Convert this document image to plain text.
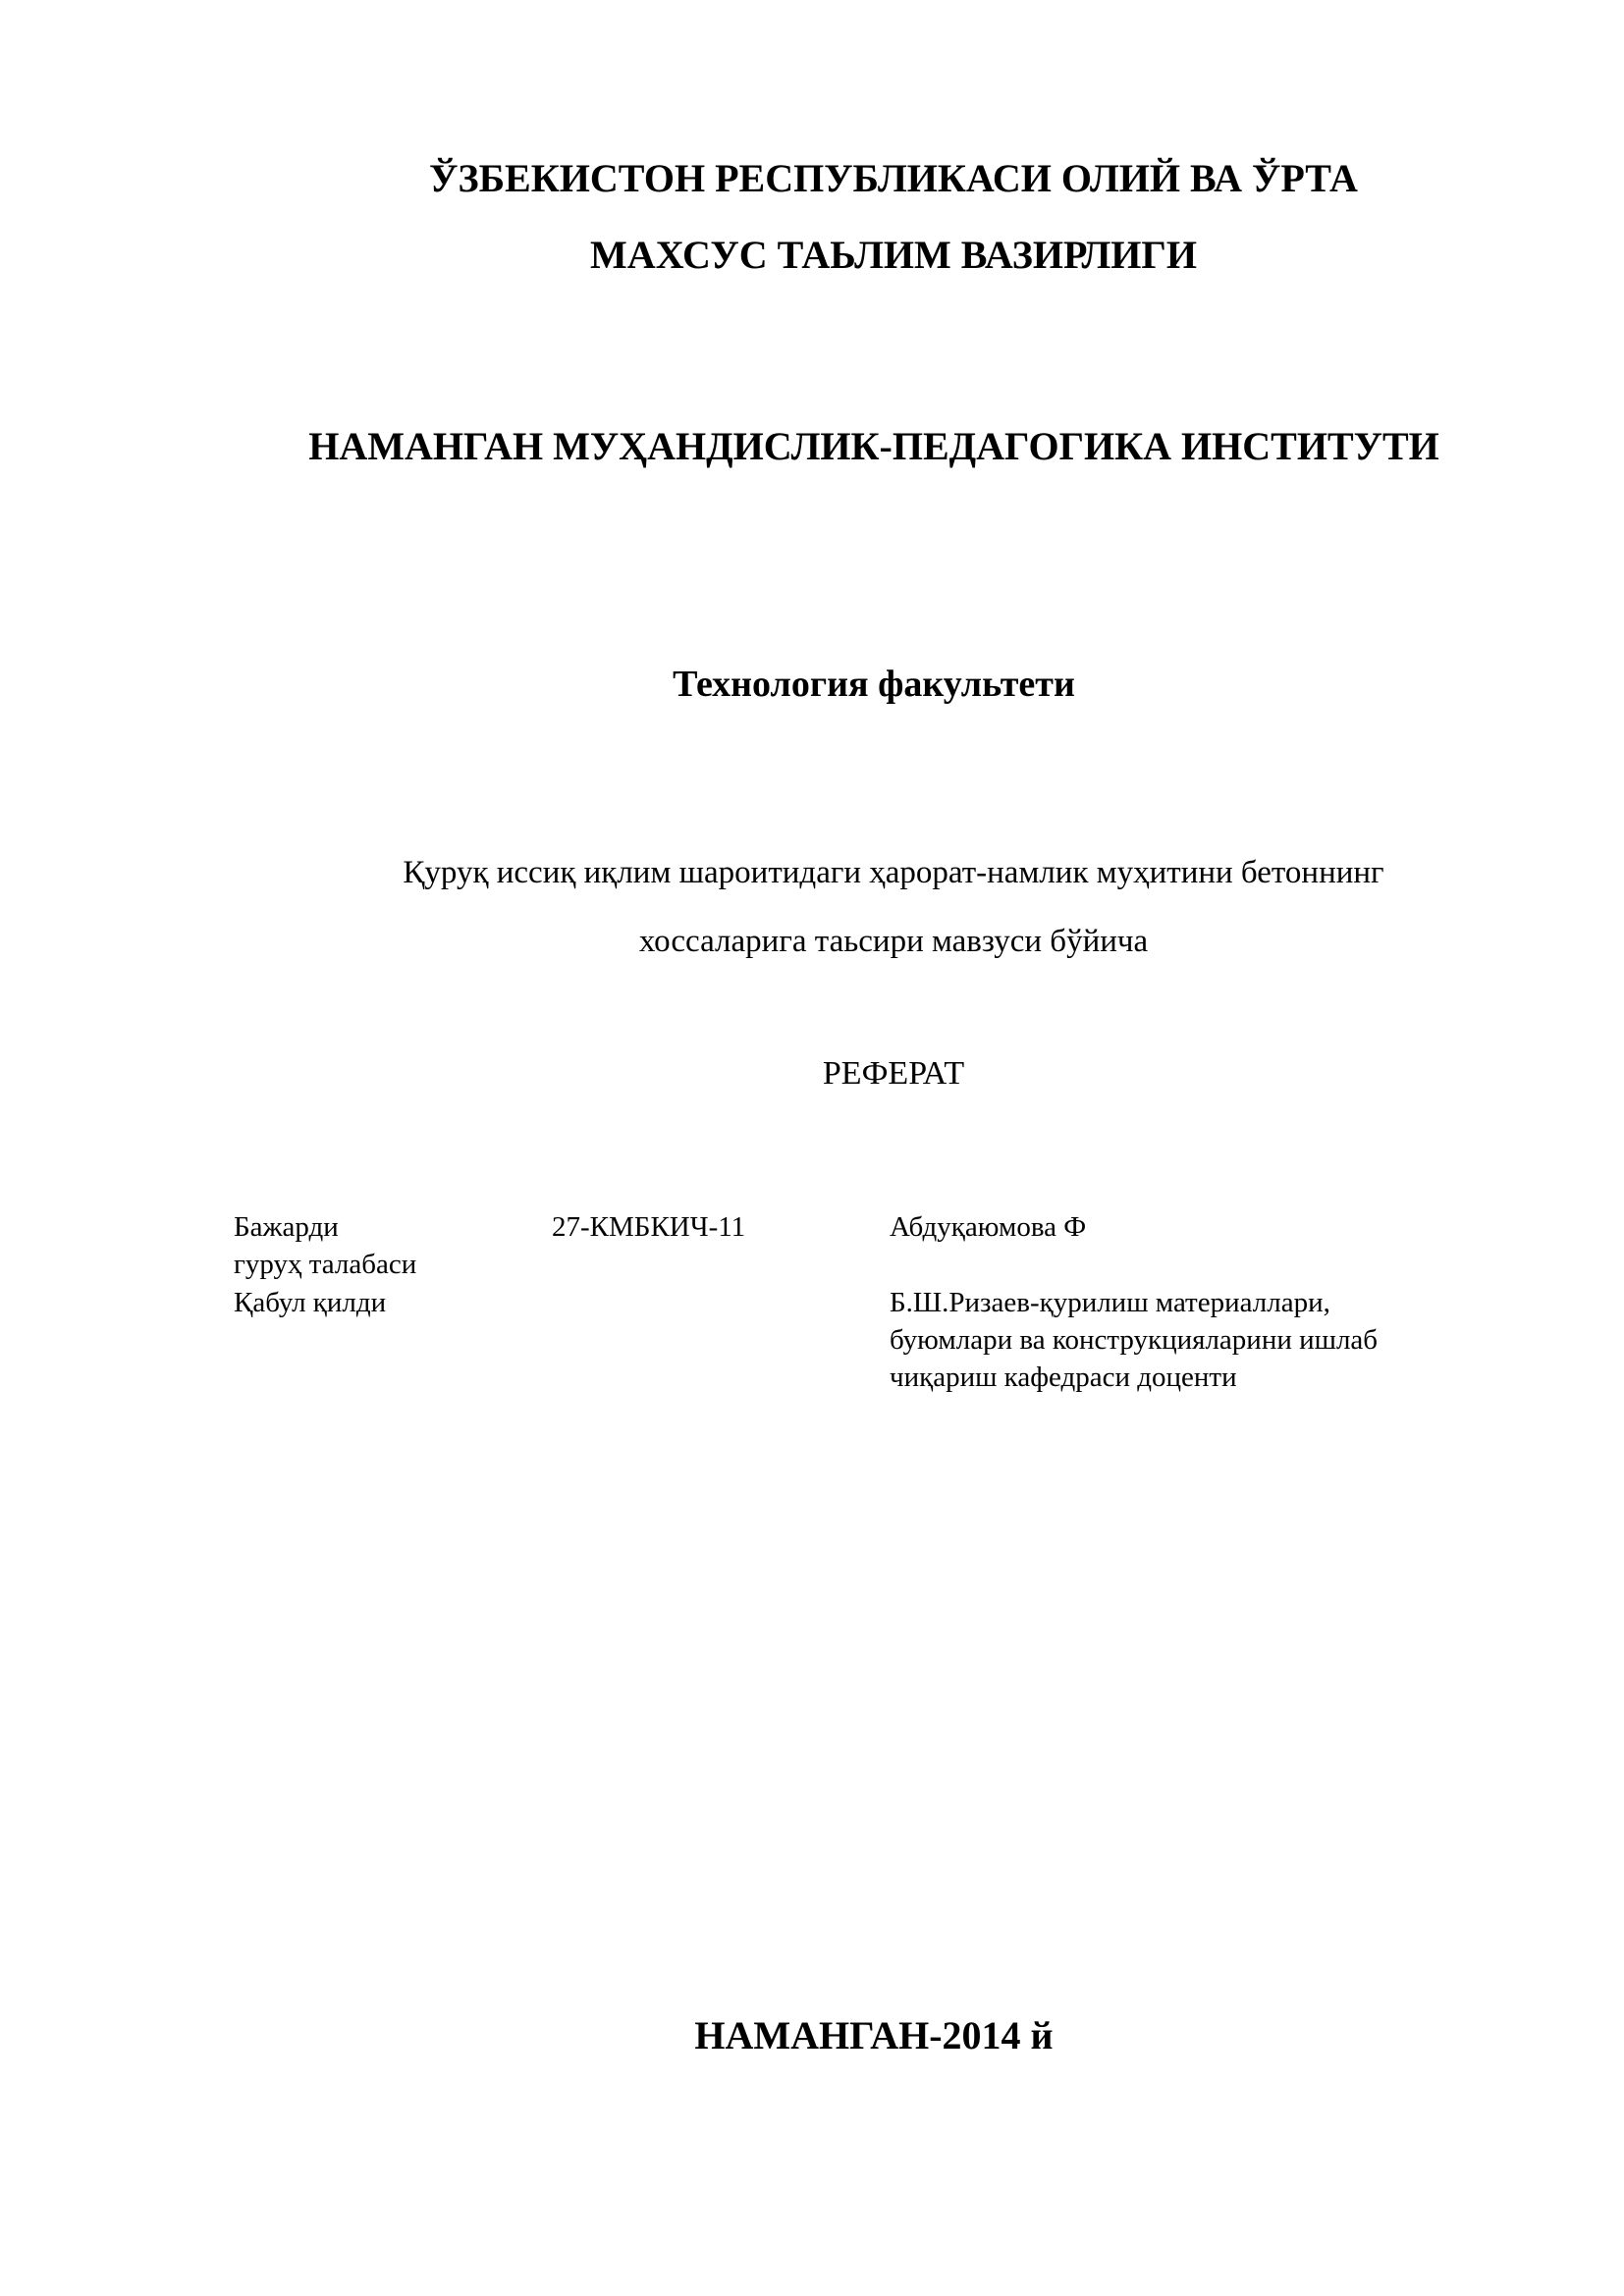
ЎЗБЕКИСТОН РЕСПУБЛИКАСИ ОЛИЙ ВА ЎРТА
МАХСУС ТАЬЛИМ ВАЗИРЛИГИ
НАМАНГАН МУҲАНДИСЛИК-ПЕДАГОГИКА ИНСТИТУТИ
Технология факультети
Қуруқ иссиқ иқлим шароитидаги ҳарорат-намлик муҳитини бетоннинг
хоссаларига таьсири мавзуси бўйича
РЕФЕРАТ
Бажарди
гуруҳ талабаси
27-КМБКИЧ-11	Абдуқаюмова Ф
Қабул қилди	Б.Ш.Ризаев-қурилиш материаллари,
буюмлари ва конструкцияларини ишлаб
чиқариш кафедраси доценти
НАМАНГАН-2014 й
